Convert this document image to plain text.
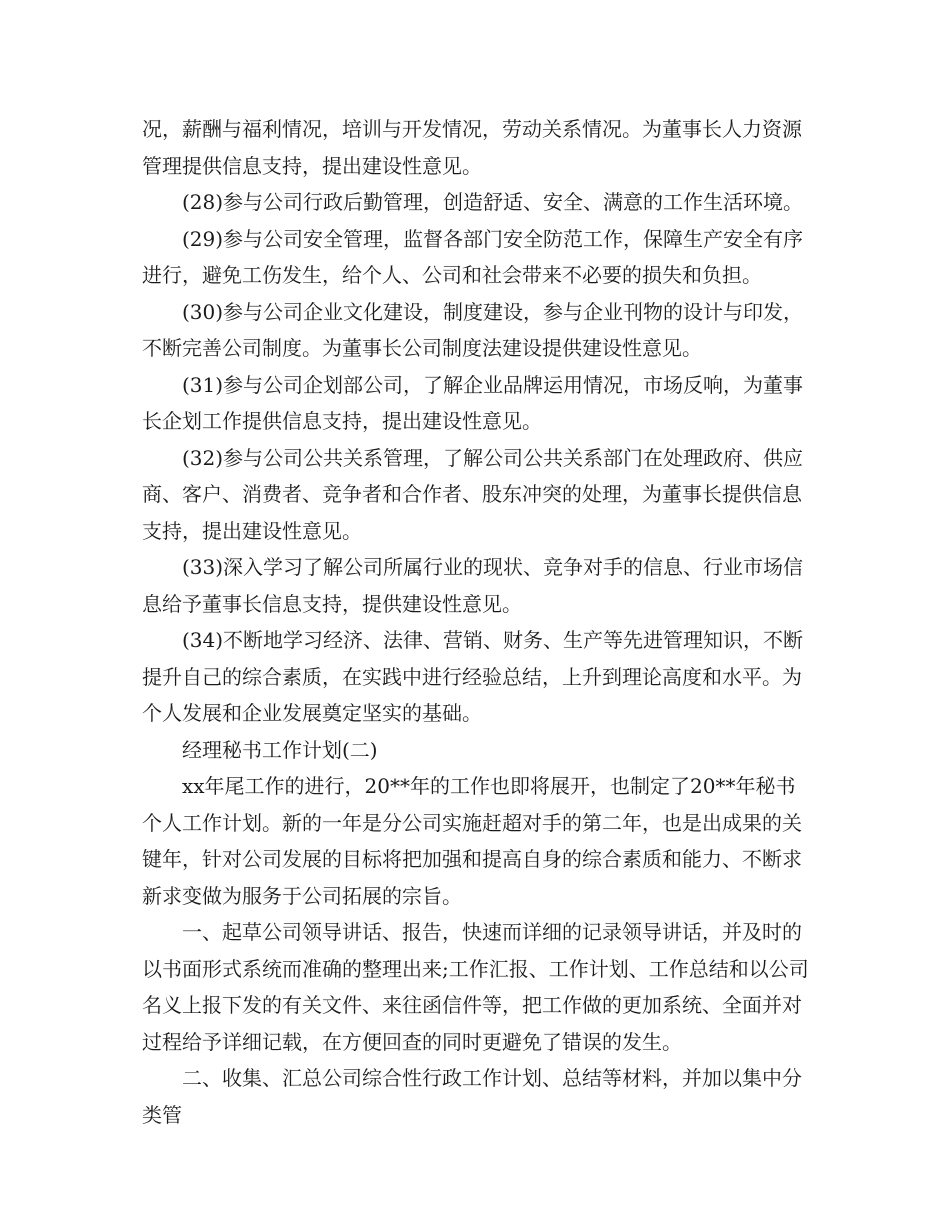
况，薪酬与福利情况，培训与开发情况，劳动关系情况。为董事长人力资源管理提供信息支持，提出建设性意见。

(28)参与公司行政后勤管理，创造舒适、安全、满意的工作生活环境。

(29)参与公司安全管理，监督各部门安全防范工作，保障生产安全有序进行，避免工伤发生，给个人、公司和社会带来不必要的损失和负担。

(30)参与公司企业文化建设，制度建设，参与企业刊物的设计与印发，不断完善公司制度。为董事长公司制度法建设提供建设性意见。

(31)参与公司企划部公司，了解企业品牌运用情况，市场反响，为董事长企划工作提供信息支持，提出建设性意见。

(32)参与公司公共关系管理，了解公司公共关系部门在处理政府、供应商、客户、消费者、竞争者和合作者、股东冲突的处理，为董事长提供信息支持，提出建设性意见。

(33)深入学习了解公司所属行业的现状、竞争对手的信息、行业市场信息给予董事长信息支持，提供建设性意见。

(34)不断地学习经济、法律、营销、财务、生产等先进管理知识，不断提升自己的综合素质，在实践中进行经验总结，上升到理论高度和水平。为个人发展和企业发展奠定坚实的基础。

经理秘书工作计划(二)

xx年尾工作的进行，20**年的工作也即将展开，也制定了20**年秘书个人工作计划。新的一年是分公司实施赶超对手的第二年，也是出成果的关键年，针对公司发展的目标将把加强和提高自身的综合素质和能力、不断求新求变做为服务于公司拓展的宗旨。

一、起草公司领导讲话、报告，快速而详细的记录领导讲话，并及时的以书面形式系统而准确的整理出来;工作汇报、工作计划、工作总结和以公司名义上报下发的有关文件、来往函信件等，把工作做的更加系统、全面并对过程给予详细记载，在方便回查的同时更避免了错误的发生。

二、收集、汇总公司综合性行政工作计划、总结等材料，并加以集中分类管
